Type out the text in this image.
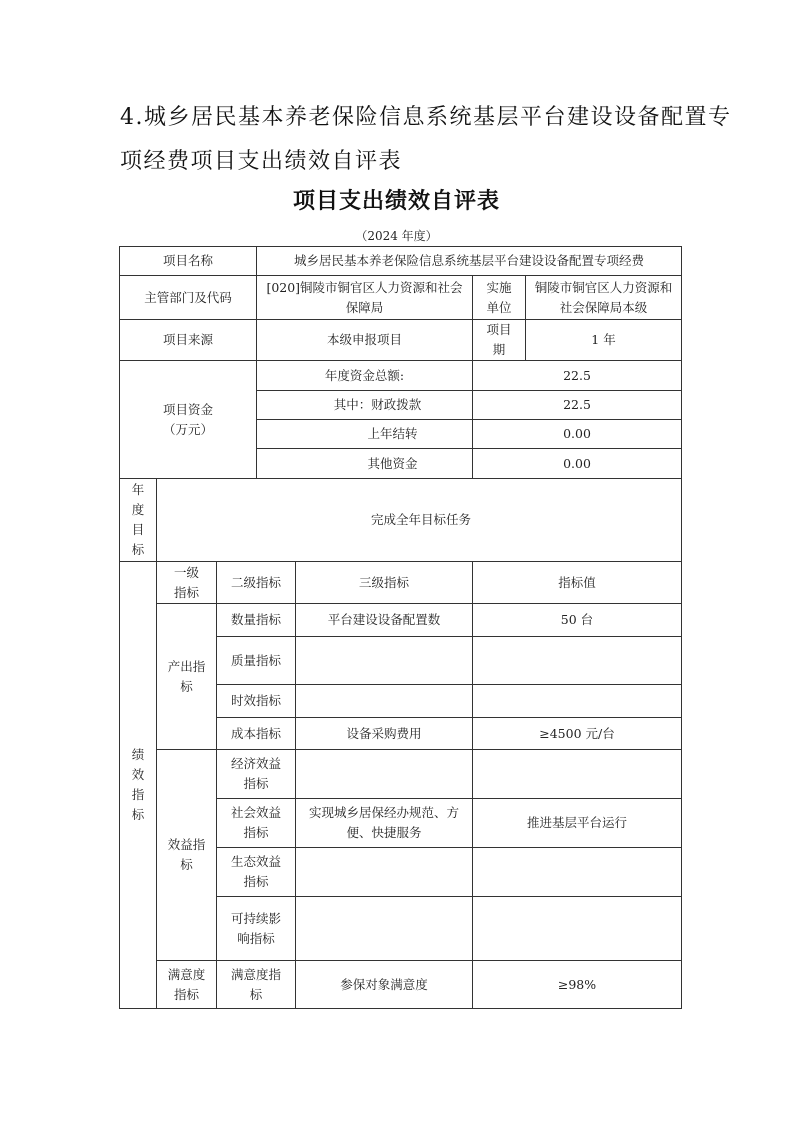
4.城乡居民基本养老保险信息系统基层平台建设设备配置专
项经费项目支出绩效自评表
项目支出绩效自评表
（2024 年度）
项目名称			城乡居民基本养老保险信息系统基层平台建设设备配置专项经费			
主管部门及代码			[020]铜陵市铜官区人力资源和社会保障局		实施单位	铜陵市铜官区人力资源和社会保障局本级
项目来源			本级申报项目		项目期	1 年

项目资金
（万元）			年度资金总额:		22.5	
			其中：财政拨款		22.5	
			上年结转		0.00	
			其他资金		0.00	

年度目标	完成全年目标任务					

绩效指标	一级指标	二级指标		三级指标	指标值	
	产出指标	数量指标		平台建设设备配置数	50 台	
		质量指标				
		时效指标				
		成本指标		设备采购费用	≥4500 元/台	
	效益指标	经济效益指标				
		社会效益指标		实现城乡居保经办规范、方便、快捷服务	推进基层平台运行	
		生态效益指标				
		可持续影响指标				
	满意度指标	满意度指标		参保对象满意度	≥98%	
